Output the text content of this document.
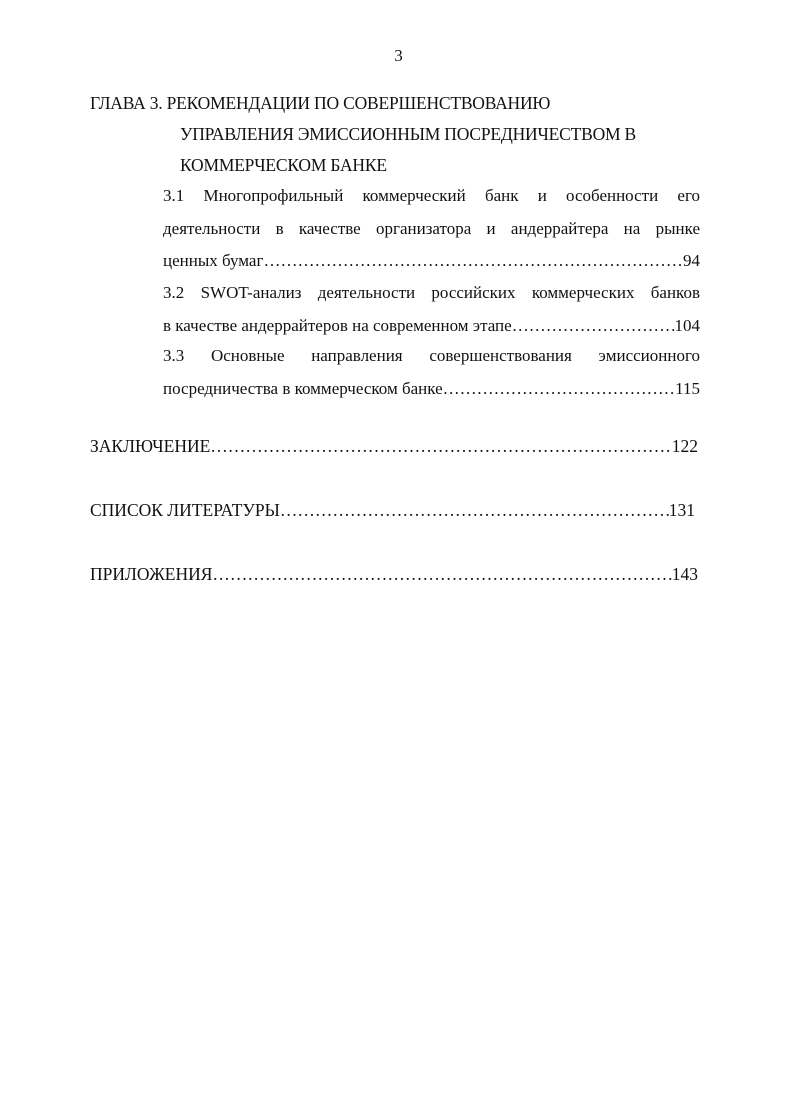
3
ГЛАВА 3. РЕКОМЕНДАЦИИ ПО СОВЕРШЕНСТВОВАНИЮ
УПРАВЛЕНИЯ ЭМИССИОННЫМ ПОСРЕДНИЧЕСТВОМ В
КОММЕРЧЕСКОМ БАНКЕ
3.1 Многопрофильный коммерческий банк и особенности его
деятельности в качестве организатора и андеррайтера на рынке
ценных бумаг ……………………………………………………………………………………………………………………	94
3.2 SWOT-анализ деятельности российских коммерческих банков
в качестве андеррайтеров на современном этапе ……………………………………………………………………………………………………………………	104
3.3 Основные направления совершенствования эмиссионного
посредничества в коммерческом банке ……………………………………………………………………………………………………………………	115
ЗАКЛЮЧЕНИЕ ……………………………………………………………………………………………………………………	122
СПИСОК ЛИТЕРАТУРЫ ……………………………………………………………………………………………………………………	131
ПРИЛОЖЕНИЯ ……………………………………………………………………………………………………………………	143
